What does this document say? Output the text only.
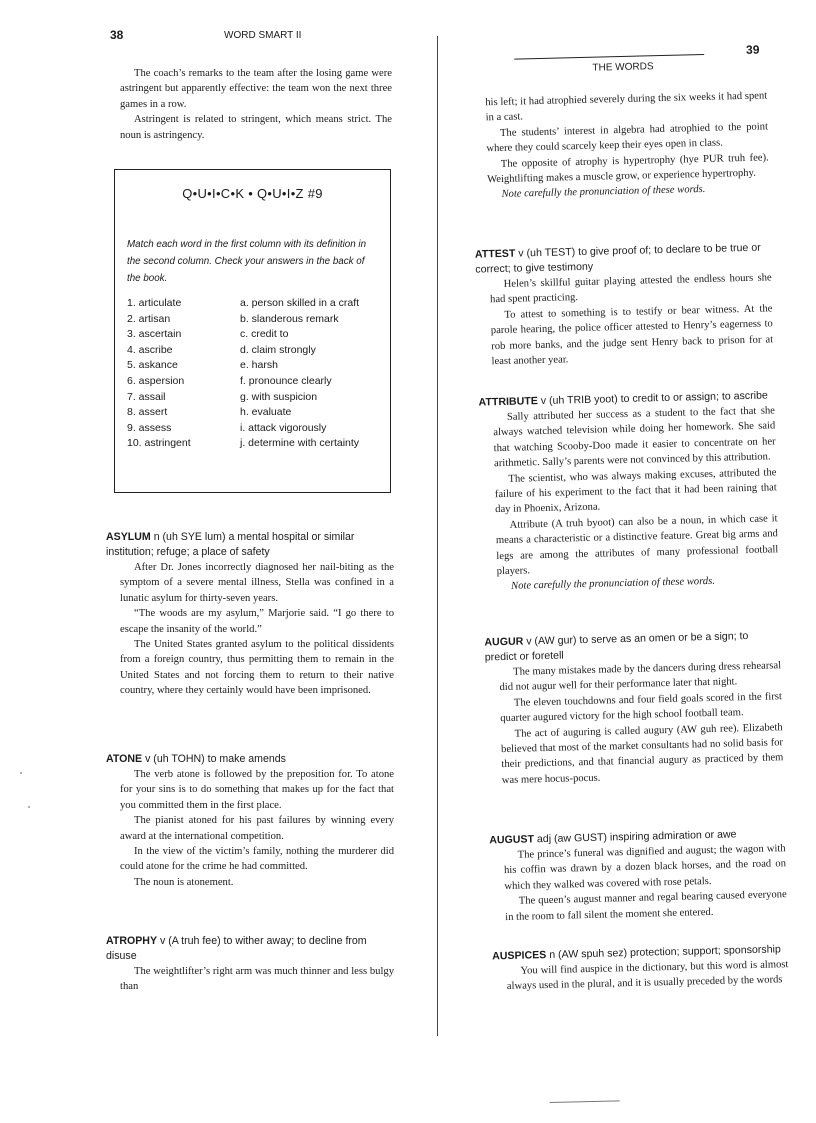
38	WORD SMART II

The coach’s remarks to the team after the losing game were astringent but apparently effective: the team won the next three games in a row.

Astringent is related to stringent, which means strict. The noun is astringency.

Q•U•I•C•K • Q•U•I•Z #9
Match each word in the first column with its definition in the second column. Check your answers in the back of the book.
1. articulate
2. artisan
3. ascertain
4. ascribe
5. askance
6. aspersion
7. assail
8. assert
9. assess
10. astringent
a. person skilled in a craft
b. slanderous remark
c. credit to
d. claim strongly
e. harsh
f. pronounce clearly
g. with suspicion
h. evaluate
i. attack vigorously
j. determine with certainty
ASYLUM n (uh SYE lum) a mental hospital or similar institution; refuge; a place of safety

After Dr. Jones incorrectly diagnosed her nail-biting as the symptom of a severe mental illness, Stella was confined in a lunatic asylum for thirty-seven years.

“The woods are my asylum,” Marjorie said. “I go there to escape the insanity of the world.”

The United States granted asylum to the political dissidents from a foreign country, thus permitting them to remain in the United States and not forcing them to return to their native country, where they certainly would have been imprisoned.

ATONE v (uh TOHN) to make amends

The verb atone is followed by the preposition for. To atone for your sins is to do something that makes up for the fact that you committed them in the first place.

The pianist atoned for his past failures by winning every award at the international competition.

In the view of the victim’s family, nothing the murderer did could atone for the crime he had committed.

The noun is atonement.

ATROPHY v (A truh fee) to wither away; to decline from disuse

The weightlifter’s right arm was much thinner and less bulgy than

THE WORDS
39

his left; it had atrophied severely during the six weeks it had spent in a cast.

The students’ interest in algebra had atrophied to the point where they could scarcely keep their eyes open in class.

The opposite of atrophy is hypertrophy (hye PUR truh fee). Weightlifting makes a muscle grow, or experience hypertrophy.

Note carefully the pronunciation of these words.

ATTEST v (uh TEST) to give proof of; to declare to be true or correct; to give testimony

Helen’s skillful guitar playing attested the endless hours she had spent practicing.

To attest to something is to testify or bear witness. At the parole hearing, the police officer attested to Henry’s eagerness to rob more banks, and the judge sent Henry back to prison for at least another year.

ATTRIBUTE v (uh TRIB yoot) to credit to or assign; to ascribe

Sally attributed her success as a student to the fact that she always watched television while doing her homework. She said that watching Scooby-Doo made it easier to concentrate on her arithmetic. Sally’s parents were not convinced by this attribution.

The scientist, who was always making excuses, attributed the failure of his experiment to the fact that it had been raining that day in Phoenix, Arizona.

Attribute (A truh byoot) can also be a noun, in which case it means a characteristic or a distinctive feature. Great big arms and legs are among the attributes of many professional football players.

Note carefully the pronunciation of these words.

AUGUR v (AW gur) to serve as an omen or be a sign; to predict or foretell

The many mistakes made by the dancers during dress rehearsal did not augur well for their performance later that night.

The eleven touchdowns and four field goals scored in the first quarter augured victory for the high school football team.

The act of auguring is called augury (AW guh ree). Elizabeth believed that most of the market consultants had no solid basis for their predictions, and that financial augury as practiced by them was mere hocus-pocus.

AUGUST adj (aw GUST) inspiring admiration or awe

The prince’s funeral was dignified and august; the wagon with his coffin was drawn by a dozen black horses, and the road on which they walked was covered with rose petals.

The queen’s august manner and regal bearing caused everyone in the room to fall silent the moment she entered.

AUSPICES n (AW spuh sez) protection; support; sponsorship

You will find auspice in the dictionary, but this word is almost always used in the plural, and it is usually preceded by the words
